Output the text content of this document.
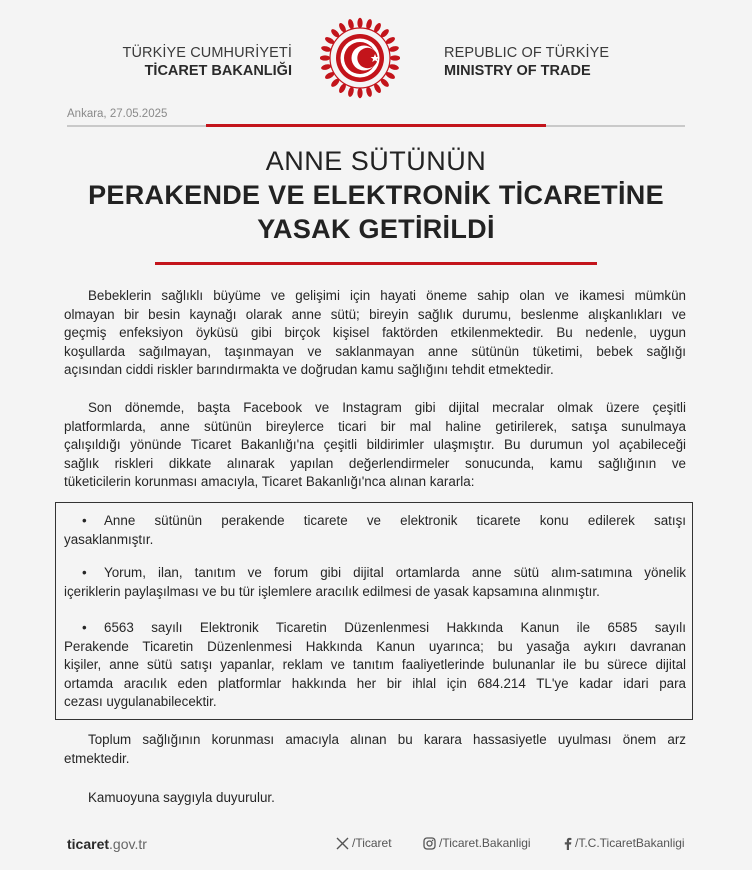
TÜRKİYE CUMHURİYETİ
TİCARET BAKANLIĞI
REPUBLIC OF TÜRKİYE
MINISTRY OF TRADE
Ankara, 27.05.2025
ANNE SÜTÜNÜN
PERAKENDE VE ELEKTRONİK TİCARETİNE
YASAK GETİRİLDİ
Bebeklerin sağlıklı büyüme ve gelişimi için hayati öneme sahip olan ve ikamesi mümkün
olmayan bir besin kaynağı olarak anne sütü; bireyin sağlık durumu, beslenme alışkanlıkları ve
geçmiş enfeksiyon öyküsü gibi birçok kişisel faktörden etkilenmektedir. Bu nedenle, uygun
koşullarda sağılmayan, taşınmayan ve saklanmayan anne sütünün tüketimi, bebek sağlığı
açısından ciddi riskler barındırmakta ve doğrudan kamu sağlığını tehdit etmektedir.
Son dönemde, başta Facebook ve Instagram gibi dijital mecralar olmak üzere çeşitli
platformlarda, anne sütünün bireylerce ticari bir mal haline getirilerek, satışa sunulmaya
çalışıldığı yönünde Ticaret Bakanlığı'na çeşitli bildirimler ulaşmıştır. Bu durumun yol açabileceği
sağlık riskleri dikkate alınarak yapılan değerlendirmeler sonucunda, kamu sağlığının ve
tüketicilerin korunması amacıyla, Ticaret Bakanlığı'nca alınan kararla:
• Anne sütünün perakende ticarete ve elektronik ticarete konu edilerek satışı
yasaklanmıştır.
• Yorum, ilan, tanıtım ve forum gibi dijital ortamlarda anne sütü alım-satımına yönelik
içeriklerin paylaşılması ve bu tür işlemlere aracılık edilmesi de yasak kapsamına alınmıştır.
• 6563 sayılı Elektronik Ticaretin Düzenlenmesi Hakkında Kanun ile 6585 sayılı
Perakende Ticaretin Düzenlenmesi Hakkında Kanun uyarınca; bu yasağa aykırı davranan
kişiler, anne sütü satışı yapanlar, reklam ve tanıtım faaliyetlerinde bulunanlar ile bu sürece dijital
ortamda aracılık eden platformlar hakkında her bir ihlal için 684.214 TL'ye kadar idari para
cezası uygulanabilecektir.
Toplum sağlığının korunması amacıyla alınan bu karara hassasiyetle uyulması önem arz
etmektedir.
Kamuoyuna saygıyla duyurulur.
ticaret.gov.tr	/Ticaret	/Ticaret.Bakanligi	/T.C.TicaretBakanligi
